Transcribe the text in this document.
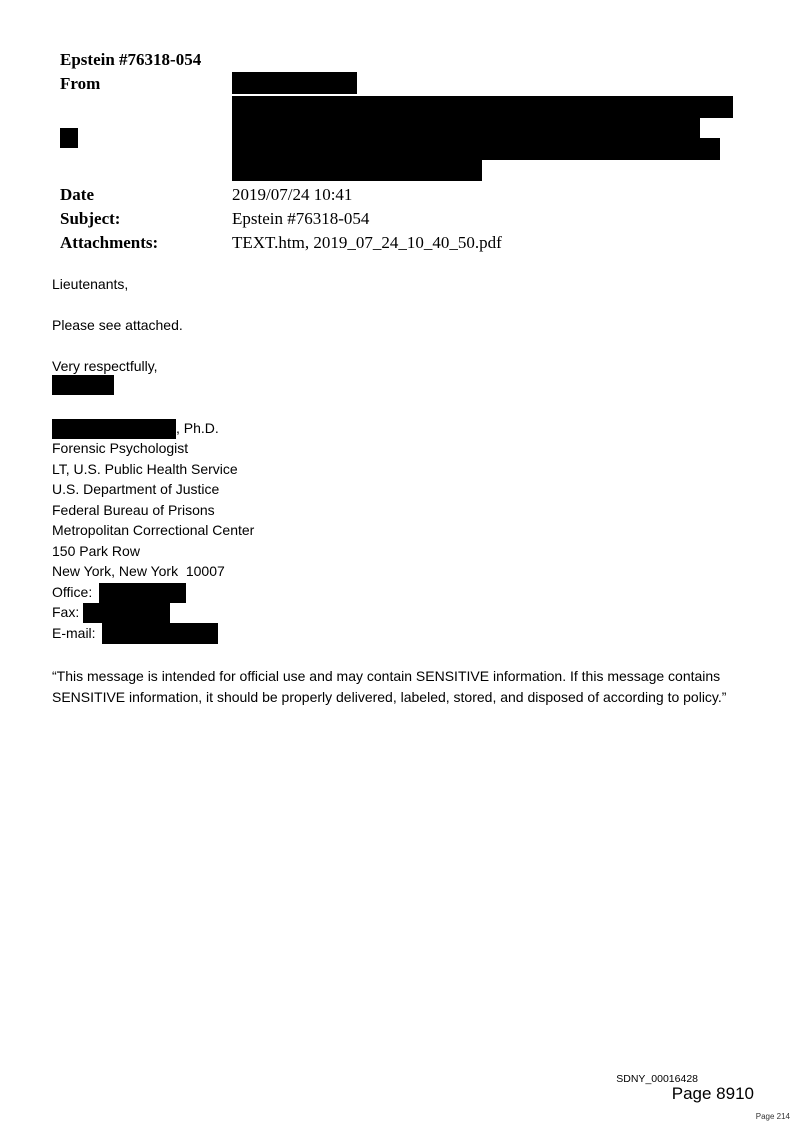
Epstein #76318-054
From
Date	2019/07/24 10:41
Subject:	Epstein #76318-054
Attachments:	TEXT.htm, 2019_07_24_10_40_50.pdf
Lieutenants,
Please see attached.
Very respectfully,
, Ph.D.
Forensic Psychologist
LT, U.S. Public Health Service
U.S. Department of Justice
Federal Bureau of Prisons
Metropolitan Correctional Center
150 Park Row
New York, New York  10007
Office:
Fax:
E-mail:
“This message is intended for official use and may contain SENSITIVE information. If this message contains SENSITIVE information, it should be properly delivered, labeled, stored, and disposed of according to policy.”
SDNY_00016428
Page 8910
Page 214
